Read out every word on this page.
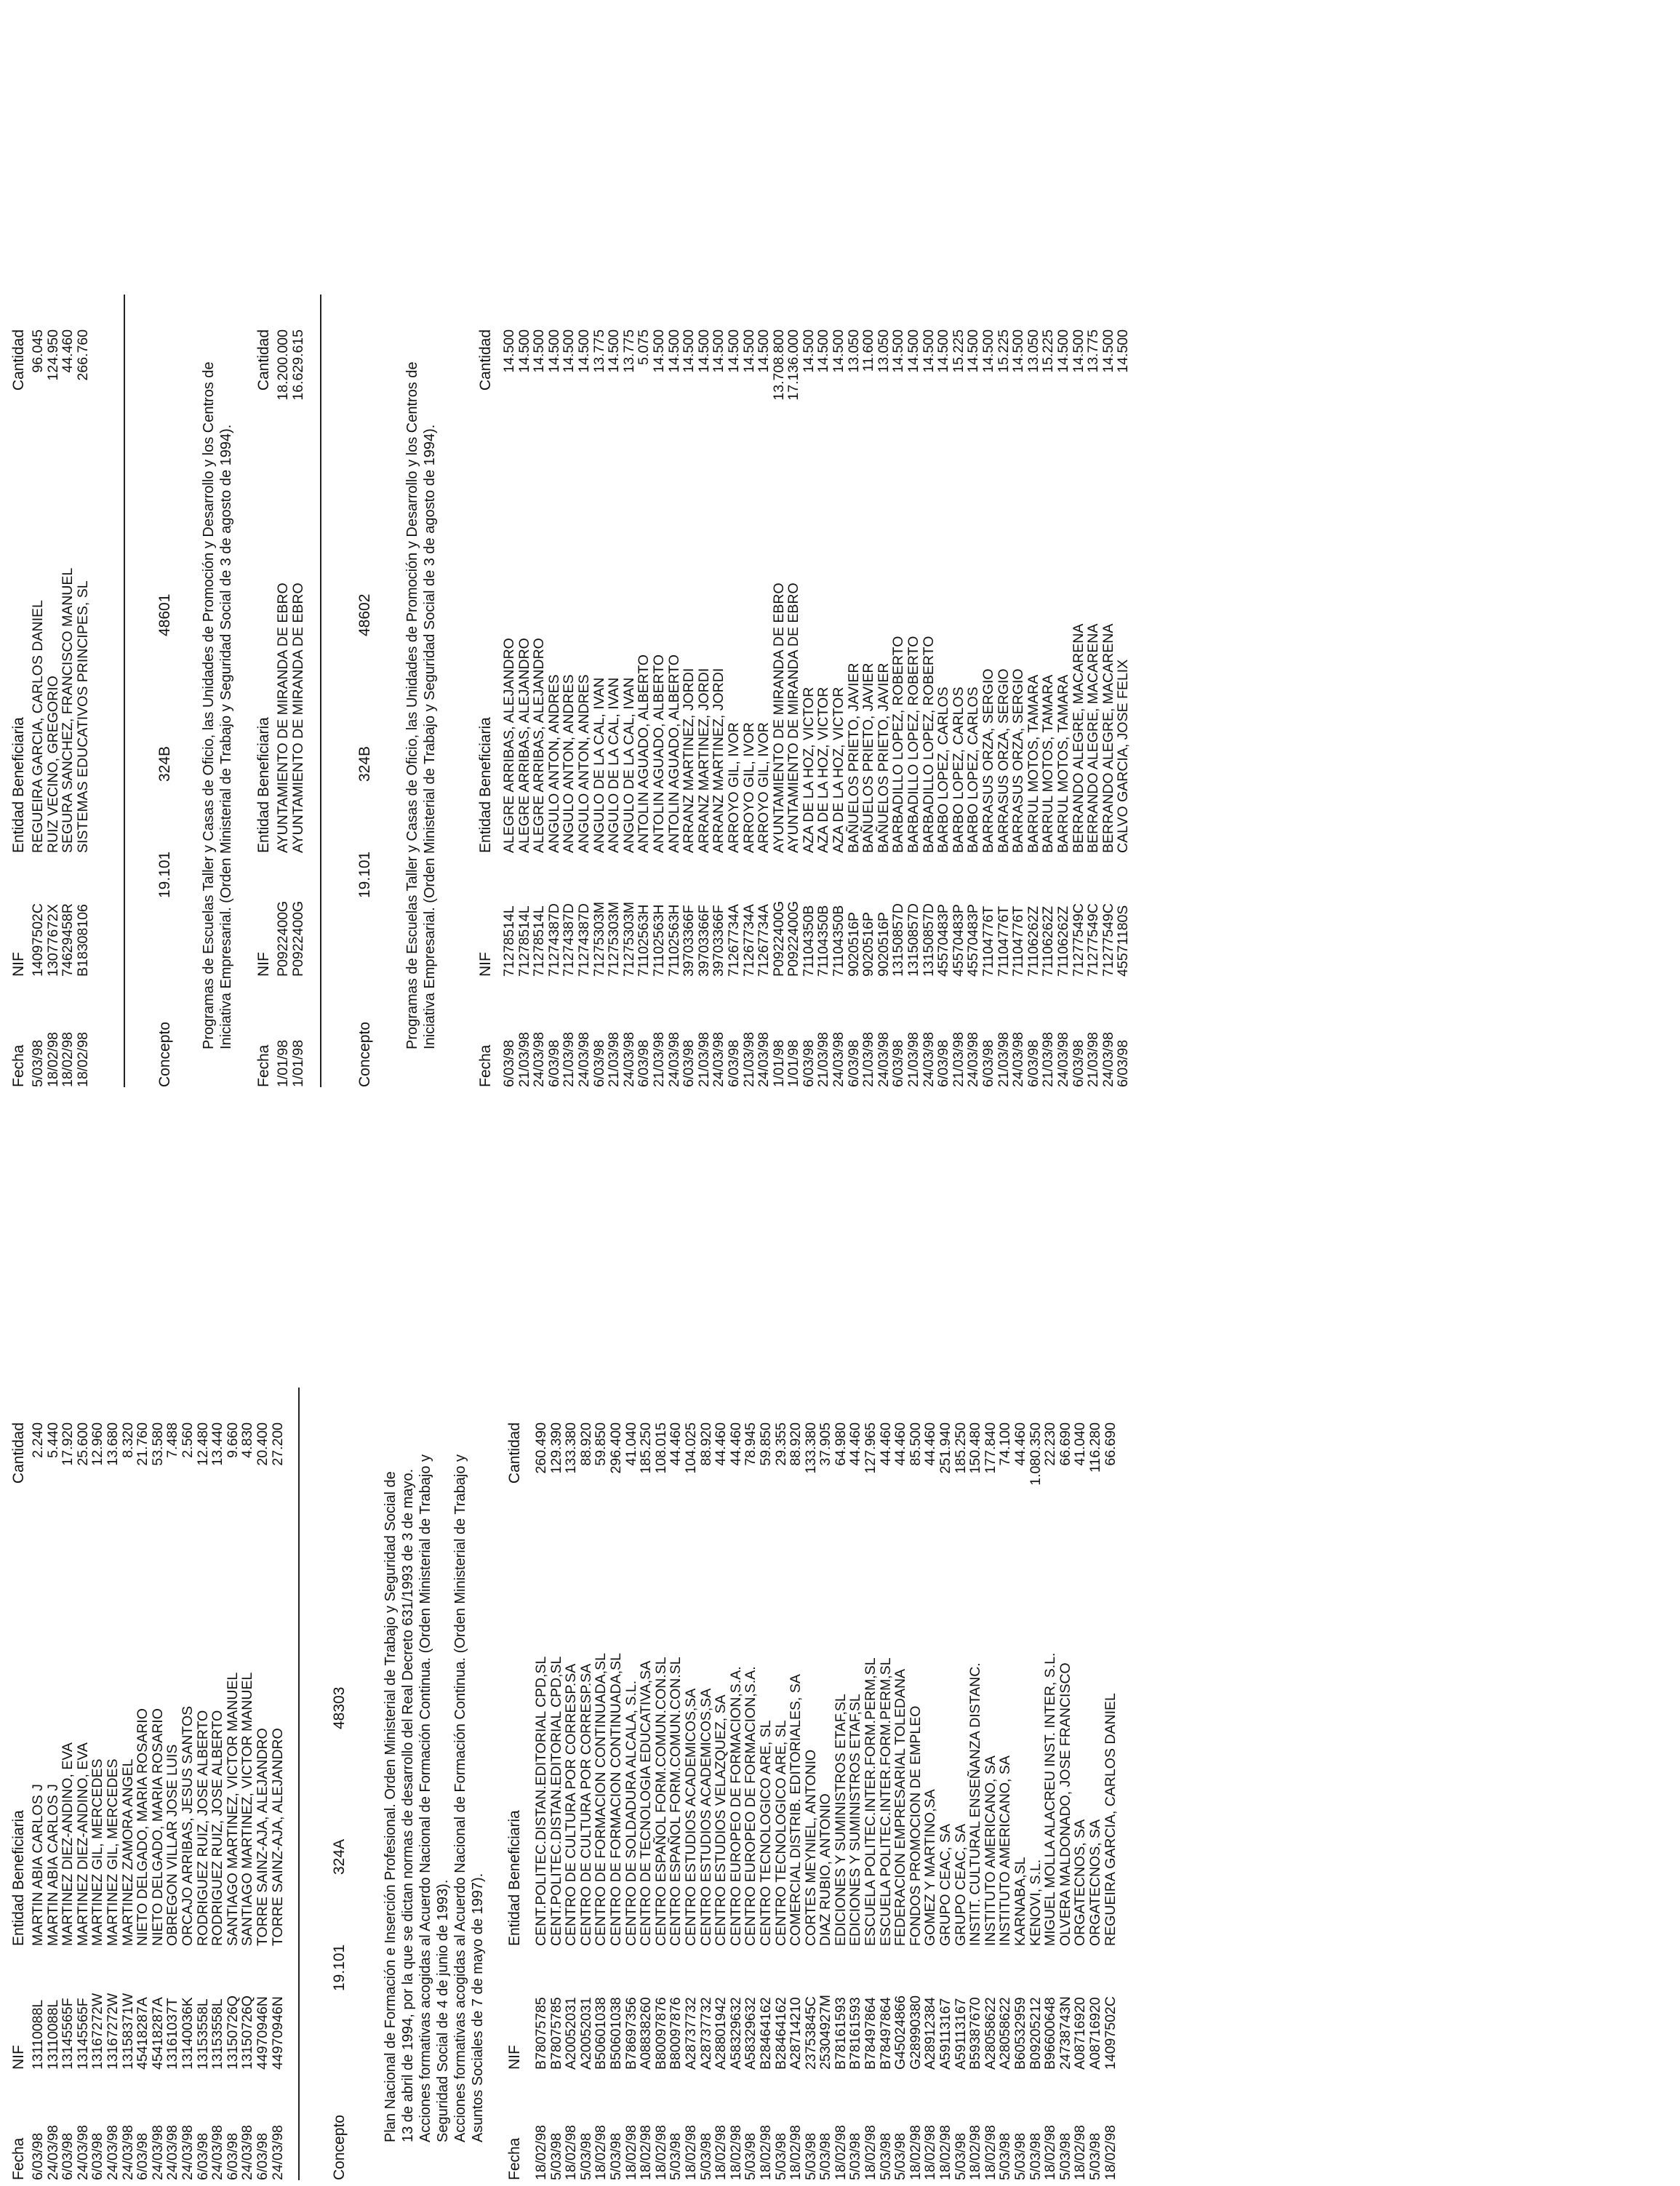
Fecha
NIF
Entidad Beneficiaria
Cantidad
6/03/98
13110088L
MARTIN ABIA CARLOS J
2.240
24/03/98
13110088L
MARTIN ABIA CARLOS J
5.440
6/03/98
13145565F
MARTINEZ DIEZ-ANDINO, EVA
17.920
24/03/98
13145565F
MARTINEZ DIEZ-ANDINO, EVA
25.600
6/03/98
13167272W
MARTINEZ GIL, MERCEDES
12.960
24/03/98
13167272W
MARTINEZ GIL, MERCEDES
13.680
24/03/98
13158371W
MARTINEZ ZAMORA ANGEL
8.320
6/03/98
45418287A
NIETO DELGADO, MARIA ROSARIO
21.760
24/03/98
45418287A
NIETO DELGADO, MARIA ROSARIO
53.580
24/03/98
13161037T
OBREGON VILLAR JOSE LUIS
7.488
24/03/98
13140036K
ORCAJO ARRIBAS, JESUS SANTOS
2.560
6/03/98
13153558L
RODRIGUEZ RUIZ, JOSE ALBERTO
12.480
24/03/98
13153558L
RODRIGUEZ RUIZ, JOSE ALBERTO
13.440
6/03/98
13150726Q
SANTIAGO MARTINEZ, VICTOR MANUEL
9.660
24/03/98
13150726Q
SANTIAGO MARTINEZ, VICTOR MANUEL
4.830
6/03/98
44970946N
TORRE SAINZ-AJA, ALEJANDRO
20.400
24/03/98
44970946N
TORRE SAINZ-AJA, ALEJANDRO
27.200
Concepto
19.101
324A
48303 Plan Nacional de Formación e Inserción Profesional. Orden Ministerial de Trabajo y Seguridad Social de 13 de abril de 1994, por la que se dictan normas de desarrollo del Real Decreto 631/1993 de 3 de mayo. Acciones formativas acogidas al Acuerdo Nacional de Formación Continua. (Orden Ministerial de Trabajo y Seguridad Social de 4 de junio de 1993). Acciones formativas acogidas al Acuerdo Nacional de Formación Continua. (Orden Ministerial de Trabajo y Asuntos Sociales de 7 de mayo de 1997).

Fecha
NIF
Entidad Beneficiaria
Cantidad
18/02/98
B78075785
CENT.POLITEC.DISTAN.EDITORIAL CPD,SL
260.490
5/03/98
B78075785
CENT.POLITEC.DISTAN.EDITORIAL CPD,SL
129.390
18/02/98
A20052031
CENTRO DE CULTURA POR CORRESP.SA
133.380
5/03/98
A20052031
CENTRO DE CULTURA POR CORRESP.SA
88.920
18/02/98
B50601038
CENTRO DE FORMACION CONTINUADA,SL
59.850
5/03/98
B50601038
CENTRO DE FORMACION CONTINUADA,SL
296.400
18/02/98
B78697356
CENTRO DE SOLDADURA ALCALA, S.L.
41.040
18/02/98
A08838260
CENTRO DE TECNOLOGIA EDUCATIVA,SA
185.250
18/02/98
B80097876
CENTRO ESPAÑOL FORM.COMUN.CON.SL
108.015
5/03/98
B80097876
CENTRO ESPAÑOL FORM.COMUN.CON.SL
44.460
18/02/98
A28737732
CENTRO ESTUDIOS ACADEMICOS,SA
104.025
5/03/98
A28737732
CENTRO ESTUDIOS ACADEMICOS,SA
88.920
18/02/98
A28801942
CENTRO ESTUDIOS VELAZQUEZ, SA
44.460
18/02/98
A58329632
CENTRO EUROPEO DE FORMACION,S.A.
44.460
5/03/98
A58329632
CENTRO EUROPEO DE FORMACION,S.A.
78.945
18/02/98
B28464162
CENTRO TECNOLOGICO ARE, SL
59.850
5/03/98
B28464162
CENTRO TECNOLOGICO ARE, SL
29.355
18/02/98
A28714210
COMERCIAL DISTRIB. EDITORIALES, SA
88.920
5/03/98
23753845C
CORTES MEYNIEL, ANTONIO
133.380
5/03/98
25304927M
DIAZ RUBIO, ANTONIO
37.905
18/02/98
B78161593
EDICIONES Y SUMINISTROS ETAF,SL
64.980
5/03/98
B78161593
EDICIONES Y SUMINISTROS ETAF,SL
44.460
18/02/98
B78497864
ESCUELA POLITEC.INTER.FORM.PERM,SL
127.965
5/03/98
B78497864
ESCUELA POLITEC.INTER.FORM.PERM,SL
44.460
5/03/98
G45024866
FEDERACION EMPRESARIAL TOLEDANA
44.460
18/02/98
G28990380
FONDOS PROMOCION DE EMPLEO
85.500
18/02/98
A28912384
GOMEZ Y MARTINO,SA
44.460
18/02/98
A59113167
GRUPO CEAC, SA
251.940
5/03/98
A59113167
GRUPO CEAC, SA
185.250
18/02/98
B59387670
INSTIT. CULTURAL ENSEÑANZA DISTANC.
150.480
18/02/98
A28058622
INSTITUTO AMERICANO, SA
177.840
5/03/98
A28058622
INSTITUTO AMERICANO, SA
74.100
5/03/98
B60532959
KARNABA,SL
44.460
5/03/98
B09205212
KENOVI, S.L.
1.080.350
18/02/98
B96600648
MIGUEL MOLLA ALACREU INST. INTER, S.L.
22.230
5/03/98
24738743N
OLVERA MALDONADO, JOSE FRANCISCO
66.690
18/02/98
A08716920
ORGATECNOS, SA
41.040
5/03/98
A08716920
ORGATECNOS, SA
116.280
18/02/98
14097502C
REGUEIRA GARCIA, CARLOS DANIEL
66.690
Fecha
NIF
Entidad Beneficiaria
Cantidad
5/03/98
14097502C
REGUEIRA GARCIA, CARLOS DANIEL
96.045
18/02/98
13077672X
RUIZ VECINO, GREGORIO
124.950
18/02/98
74629458R
SEGURA SANCHEZ, FRANCISCO MANUEL
44.460
18/02/98
B18308106
SISTEMAS EDUCATIVOS PRINCIPES, SL
266.760
Concepto
19.101
324B
48601 Programas de Escuelas Taller y Casas de Oficio, las Unidades de Promoción y Desarrollo y los Centros de Iniciativa Empresarial. (Orden Ministerial de Trabajo y Seguridad Social de 3 de agosto de 1994).

Fecha
NIF
Entidad Beneficiaria
Cantidad
1/01/98
P0922400G
AYUNTAMIENTO DE MIRANDA DE EBRO
18.200.000
1/01/98
P0922400G
AYUNTAMIENTO DE MIRANDA DE EBRO
16.629.615
Concepto
19.101
324B
48602 Programas de Escuelas Taller y Casas de Oficio, las Unidades de Promoción y Desarrollo y los Centros de Iniciativa Empresarial. (Orden Ministerial de Trabajo y Seguridad Social de 3 de agosto de 1994).

Fecha
NIF
Entidad Beneficiaria
Cantidad
6/03/98
71278514L
ALEGRE ARRIBAS, ALEJANDRO
14.500
21/03/98
71278514L
ALEGRE ARRIBAS, ALEJANDRO
14.500
24/03/98
71278514L
ALEGRE ARRIBAS, ALEJANDRO
14.500
6/03/98
71274387D
ANGULO ANTON, ANDRES
14.500
21/03/98
71274387D
ANGULO ANTON, ANDRES
14.500
24/03/98
71274387D
ANGULO ANTON, ANDRES
14.500
6/03/98
71275303M
ANGULO DE LA CAL, IVAN
13.775
21/03/98
71275303M
ANGULO DE LA CAL, IVAN
14.500
24/03/98
71275303M
ANGULO DE LA CAL, IVAN
13.775
6/03/98
71102563H
ANTOLIN AGUADO, ALBERTO
5.075
21/03/98
71102563H
ANTOLIN AGUADO, ALBERTO
14.500
24/03/98
71102563H
ANTOLIN AGUADO, ALBERTO
14.500
6/03/98
39703366F
ARRANZ MARTINEZ, JORDI
14.500
21/03/98
39703366F
ARRANZ MARTINEZ, JORDI
14.500
24/03/98
39703366F
ARRANZ MARTINEZ, JORDI
14.500
6/03/98
71267734A
ARROYO GIL, IVOR
14.500
21/03/98
71267734A
ARROYO GIL, IVOR
14.500
24/03/98
71267734A
ARROYO GIL, IVOR
14.500
1/01/98
P0922400G
AYUNTAMIENTO DE MIRANDA DE EBRO
13.708.800
1/01/98
P0922400G
AYUNTAMIENTO DE MIRANDA DE EBRO
17.136.000
6/03/98
71104350B
AZA DE LA HOZ, VICTOR
14.500
21/03/98
71104350B
AZA DE LA HOZ, VICTOR
14.500
24/03/98
71104350B
AZA DE LA HOZ, VICTOR
14.500
6/03/98
9020516P
BAÑUELOS PRIETO, JAVIER
13.050
21/03/98
9020516P
BAÑUELOS PRIETO, JAVIER
11.600
24/03/98
9020516P
BAÑUELOS PRIETO, JAVIER
13.050
6/03/98
13150857D
BARBADILLO LOPEZ, ROBERTO
14.500
21/03/98
13150857D
BARBADILLO LOPEZ, ROBERTO
14.500
24/03/98
13150857D
BARBADILLO LOPEZ, ROBERTO
14.500
6/03/98
45570483P
BARBO LOPEZ, CARLOS
14.500
21/03/98
45570483P
BARBO LOPEZ, CARLOS
15.225
24/03/98
45570483P
BARBO LOPEZ, CARLOS
14.500
6/03/98
71104776T
BARRASUS ORZA, SERGIO
14.500
21/03/98
71104776T
BARRASUS ORZA, SERGIO
15.225
24/03/98
71104776T
BARRASUS ORZA, SERGIO
14.500
6/03/98
71106262Z
BARRUL MOTOS, TAMARA
13.050
21/03/98
71106262Z
BARRUL MOTOS, TAMARA
15.225
24/03/98
71106262Z
BARRUL MOTOS, TAMARA
14.500
6/03/98
71277549C
BERRANDO ALEGRE, MACARENA
14.500
21/03/98
71277549C
BERRANDO ALEGRE, MACARENA
13.775
24/03/98
71277549C
BERRANDO ALEGRE, MACARENA
14.500
6/03/98
45571180S
CALVO GARCIA, JOSE FELIX
14.500
